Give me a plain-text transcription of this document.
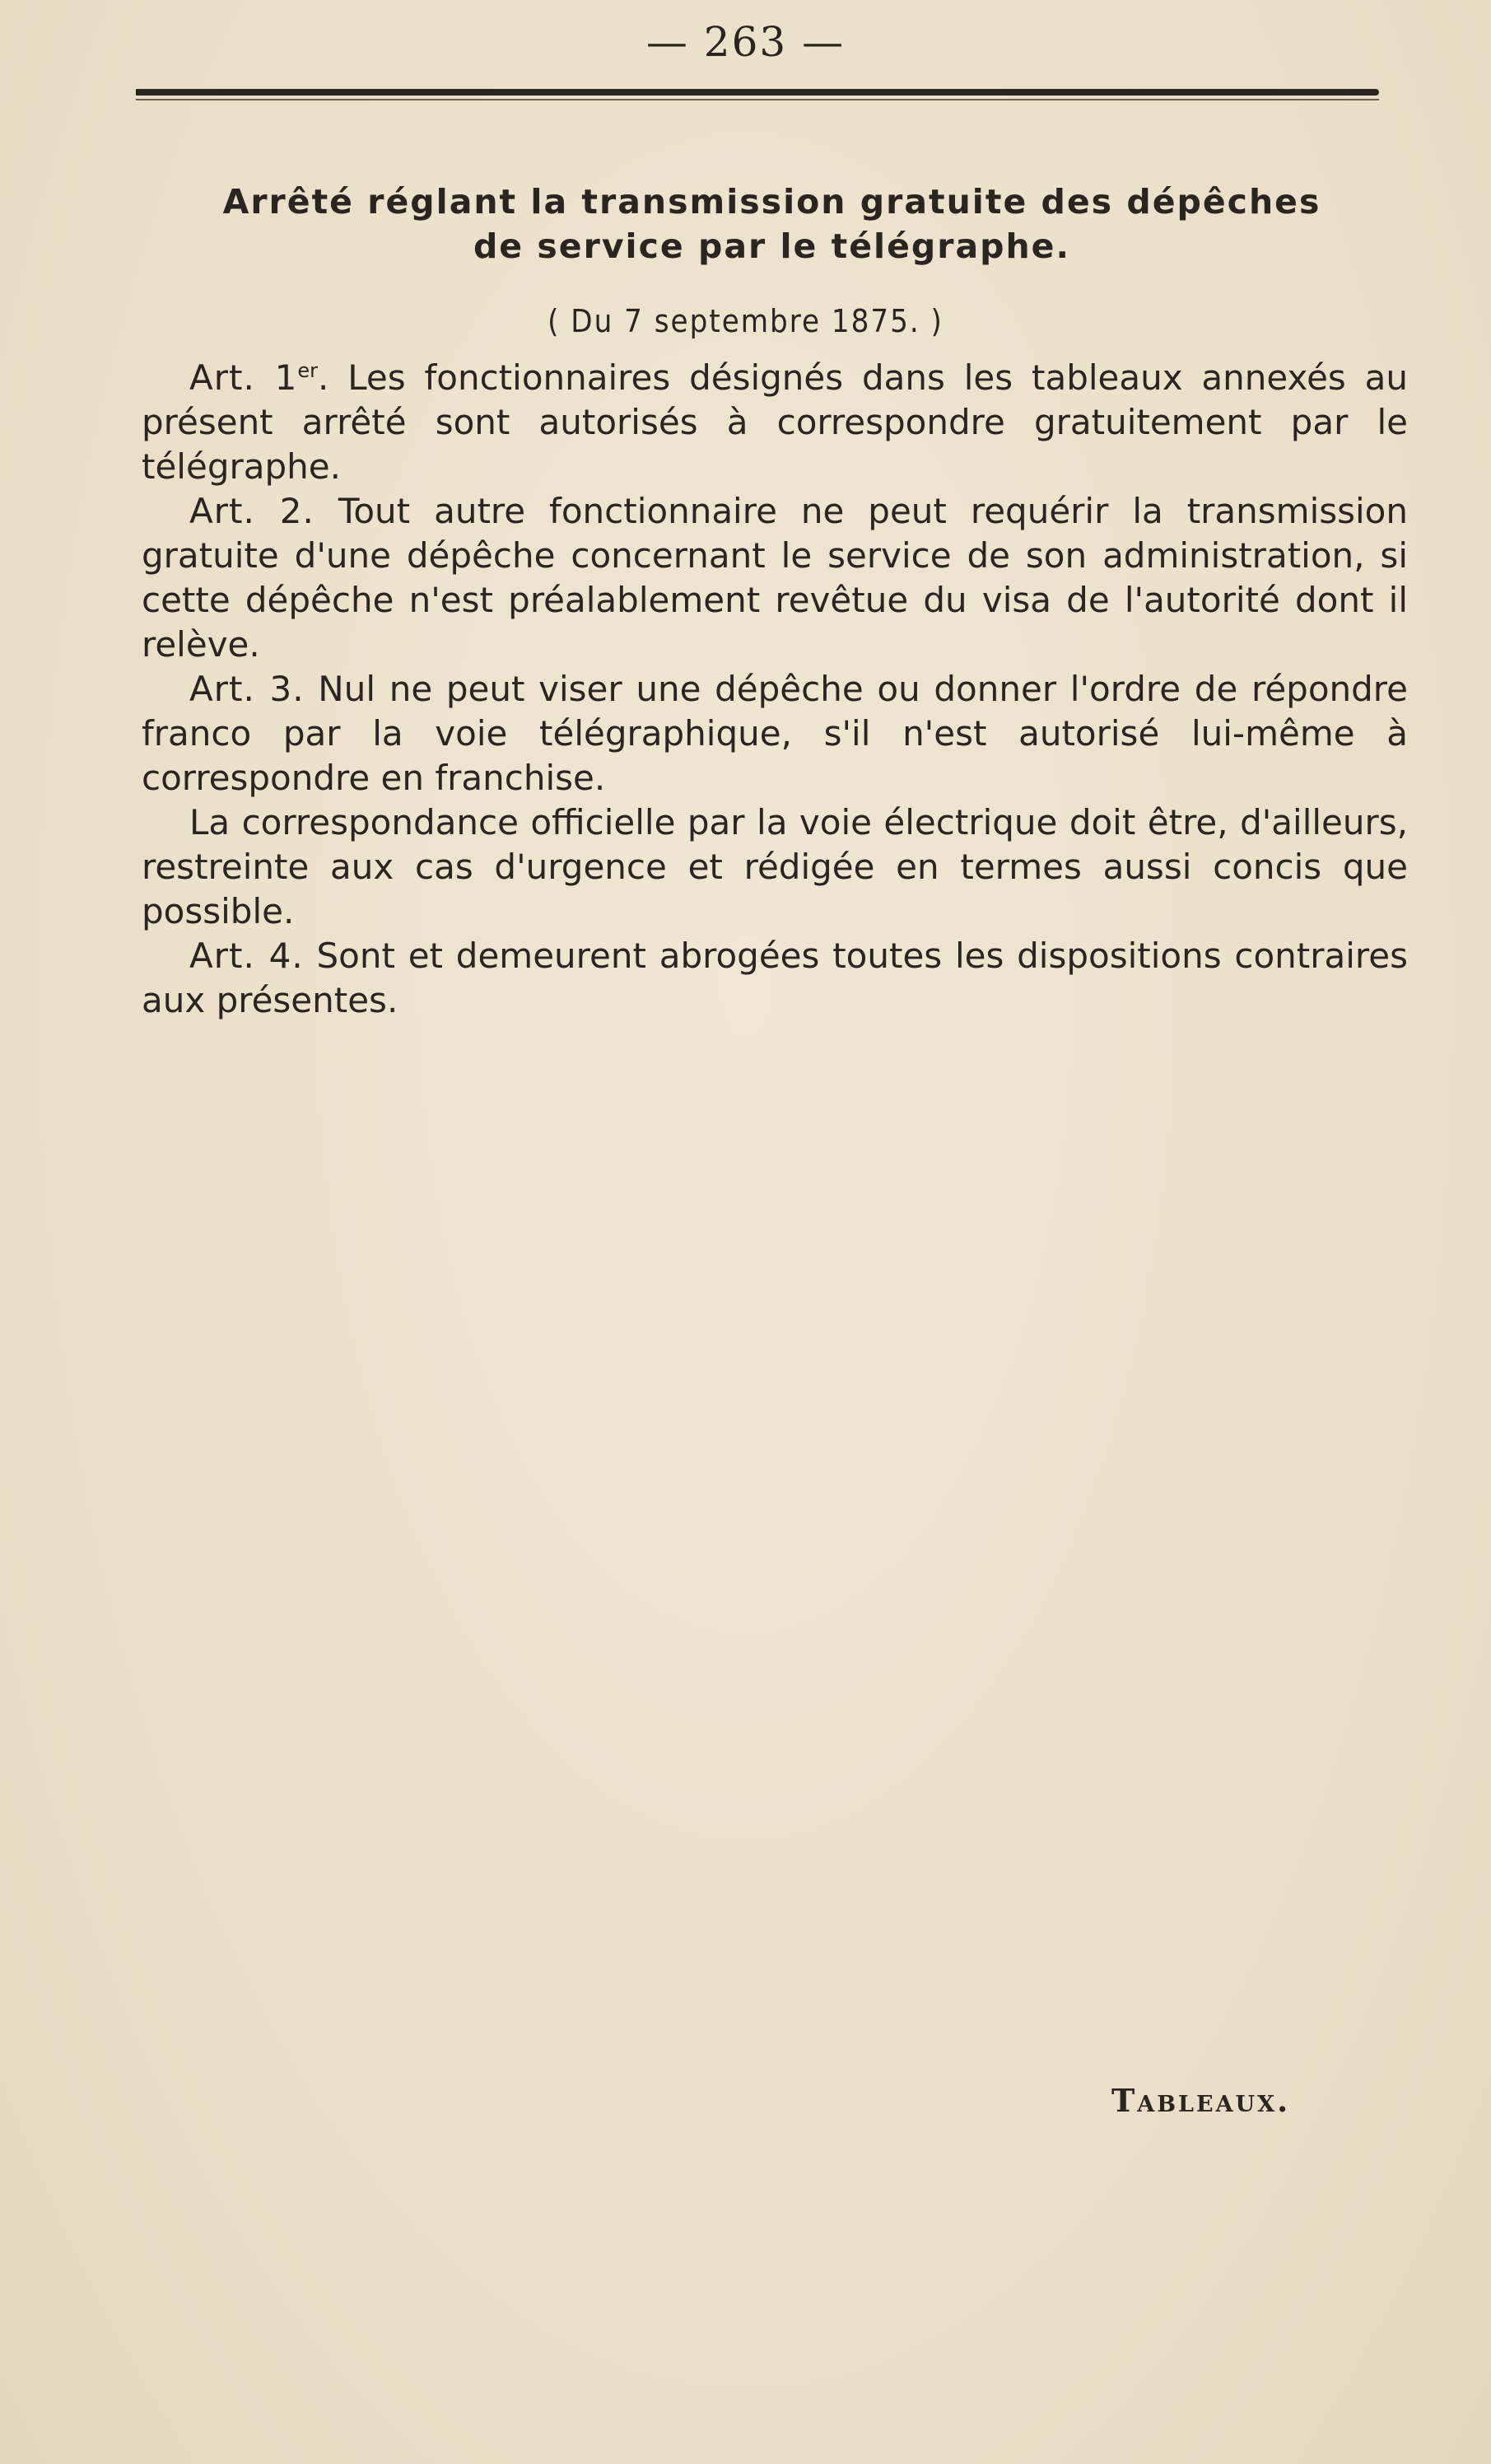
— 263 —
Arrêté réglant la transmission gratuite des dépêches
de service par le télégraphe.
( Du 7 septembre 1875. )

Art. 1er. Les fonctionnaires désignés dans les tableaux annexés au présent arrêté sont autorisés à correspondre gratuitement par le télégraphe.

Art. 2. Tout autre fonctionnaire ne peut requérir la transmission gratuite d'une dépêche concernant le service de son administration, si cette dépêche n'est préalablement revêtue du visa de l'autorité dont il relève.

Art. 3. Nul ne peut viser une dépêche ou donner l'ordre de répondre franco par la voie télégraphique, s'il n'est autorisé lui-même à correspondre en franchise.

La correspondance officielle par la voie électrique doit être, d'ailleurs, restreinte aux cas d'urgence et rédigée en termes aussi concis que possible.

Art. 4. Sont et demeurent abrogées toutes les dispositions contraires aux présentes.

Tableaux.
